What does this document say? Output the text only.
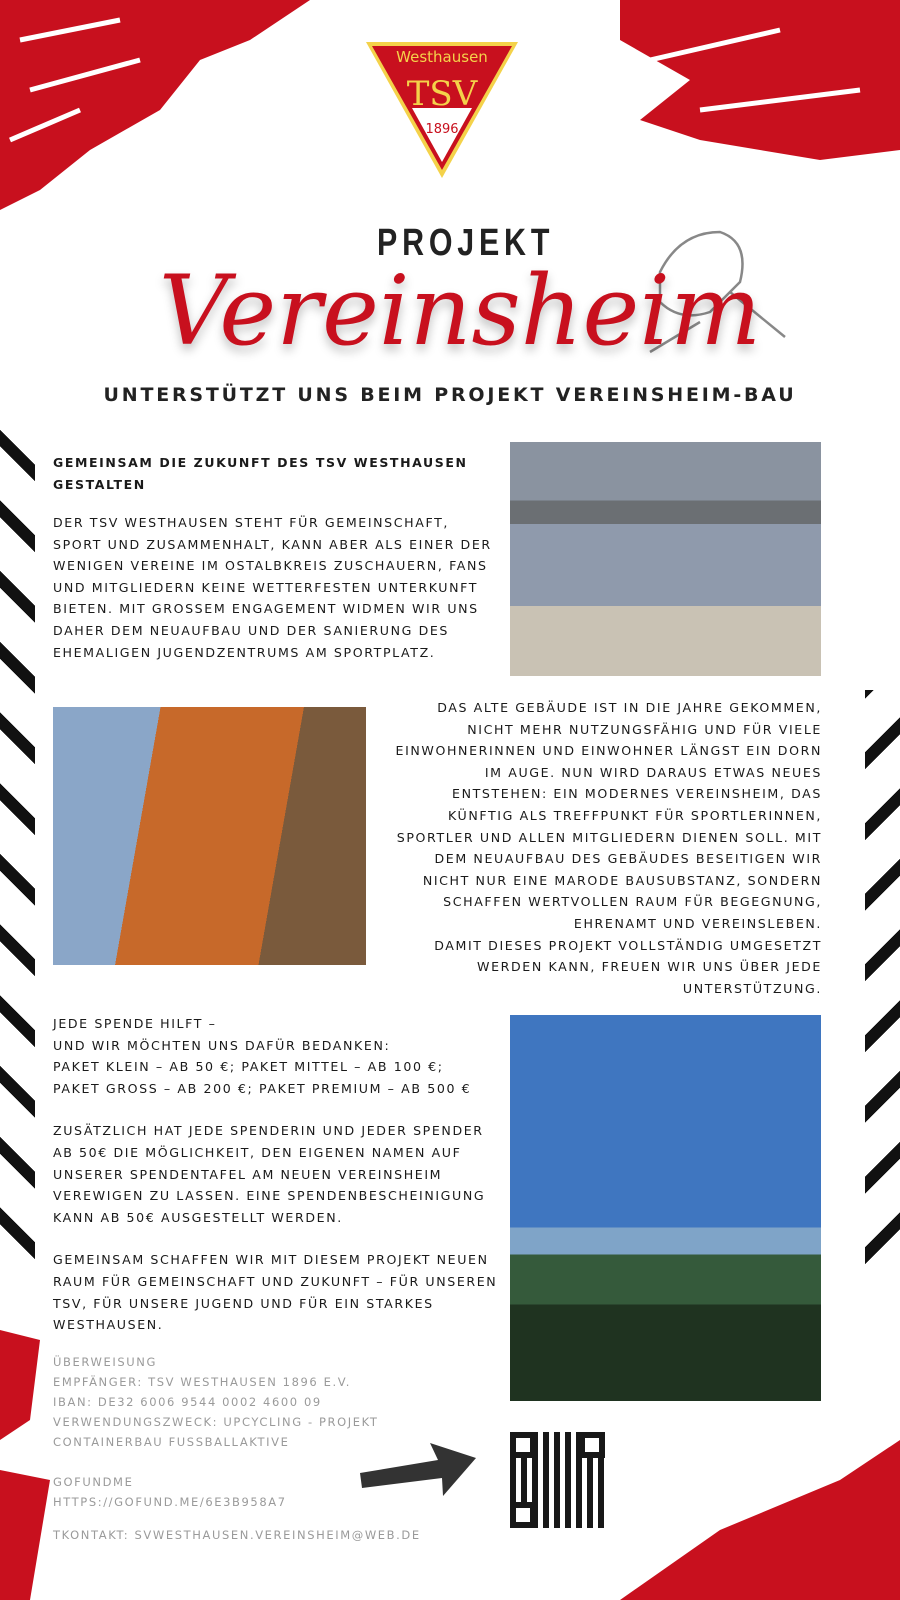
Westhausen
TSV
1896
PROJEKT
Vereinsheim
UNTERSTÜTZT UNS BEIM PROJEKT VEREINSHEIM-BAU
GEMEINSAM DIE ZUKUNFT DES TSV WESTHAUSEN GESTALTEN
DER TSV WESTHAUSEN STEHT FÜR GEMEINSCHAFT, SPORT UND ZUSAMMENHALT, KANN ABER ALS EINER DER WENIGEN VEREINE IM OSTALBKREIS ZUSCHAUERN, FANS UND MITGLIEDERN KEINE WETTERFESTEN UNTERKUNFT BIETEN. MIT GROSSEM ENGAGEMENT WIDMEN WIR UNS DAHER DEM NEUAUFBAU UND DER SANIERUNG DES EHEMALIGEN JUGENDZENTRUMS AM SPORTPLATZ.
DAS ALTE GEBÄUDE IST IN DIE JAHRE GEKOMMEN, NICHT MEHR NUTZUNGSFÄHIG UND FÜR VIELE EINWOHNERINNEN UND EINWOHNER LÄNGST EIN DORN IM AUGE. NUN WIRD DARAUS ETWAS NEUES ENTSTEHEN: EIN MODERNES VEREINSHEIM, DAS KÜNFTIG ALS TREFFPUNKT FÜR SPORTLERINNEN, SPORTLER UND ALLEN MITGLIEDERN DIENEN SOLL. MIT DEM NEUAUFBAU DES GEBÄUDES BESEITIGEN WIR NICHT NUR EINE MARODE BAUSUBSTANZ, SONDERN SCHAFFEN WERTVOLLEN RAUM FÜR BEGEGNUNG, EHRENAMT UND VEREINSLEBEN.
DAMIT DIESES PROJEKT VOLLSTÄNDIG UMGESETZT WERDEN KANN, FREUEN WIR UNS ÜBER JEDE UNTERSTÜTZUNG.
JEDE SPENDE HILFT –
UND WIR MÖCHTEN UNS DAFÜR BEDANKEN:
PAKET KLEIN – AB 50 €; PAKET MITTEL – AB 100 €;
PAKET GROSS – AB 200 €; PAKET PREMIUM – AB 500 €
ZUSÄTZLICH HAT JEDE SPENDERIN UND JEDER SPENDER AB 50€ DIE MÖGLICHKEIT, DEN EIGENEN NAMEN AUF UNSERER SPENDENTAFEL AM NEUEN VEREINSHEIM VEREWIGEN ZU LASSEN. EINE SPENDENBESCHEINIGUNG KANN AB 50€ AUSGESTELLT WERDEN.
GEMEINSAM SCHAFFEN WIR MIT DIESEM PROJEKT NEUEN RAUM FÜR GEMEINSCHAFT UND ZUKUNFT – FÜR UNSEREN TSV, FÜR UNSERE JUGEND UND FÜR EIN STARKES WESTHAUSEN.
ÜBERWEISUNG
EMPFÄNGER: TSV WESTHAUSEN 1896 E.V.
IBAN: DE32 6006 9544 0002 4600 09
VERWENDUNGSZWECK: UPCYCLING - PROJEKT
CONTAINERBAU FUSSBALLAKTIVE
GOFUNDME
HTTPS://GOFUND.ME/6E3B958A7
TKONTAKT: SVWESTHAUSEN.VEREINSHEIM@WEB.DE
